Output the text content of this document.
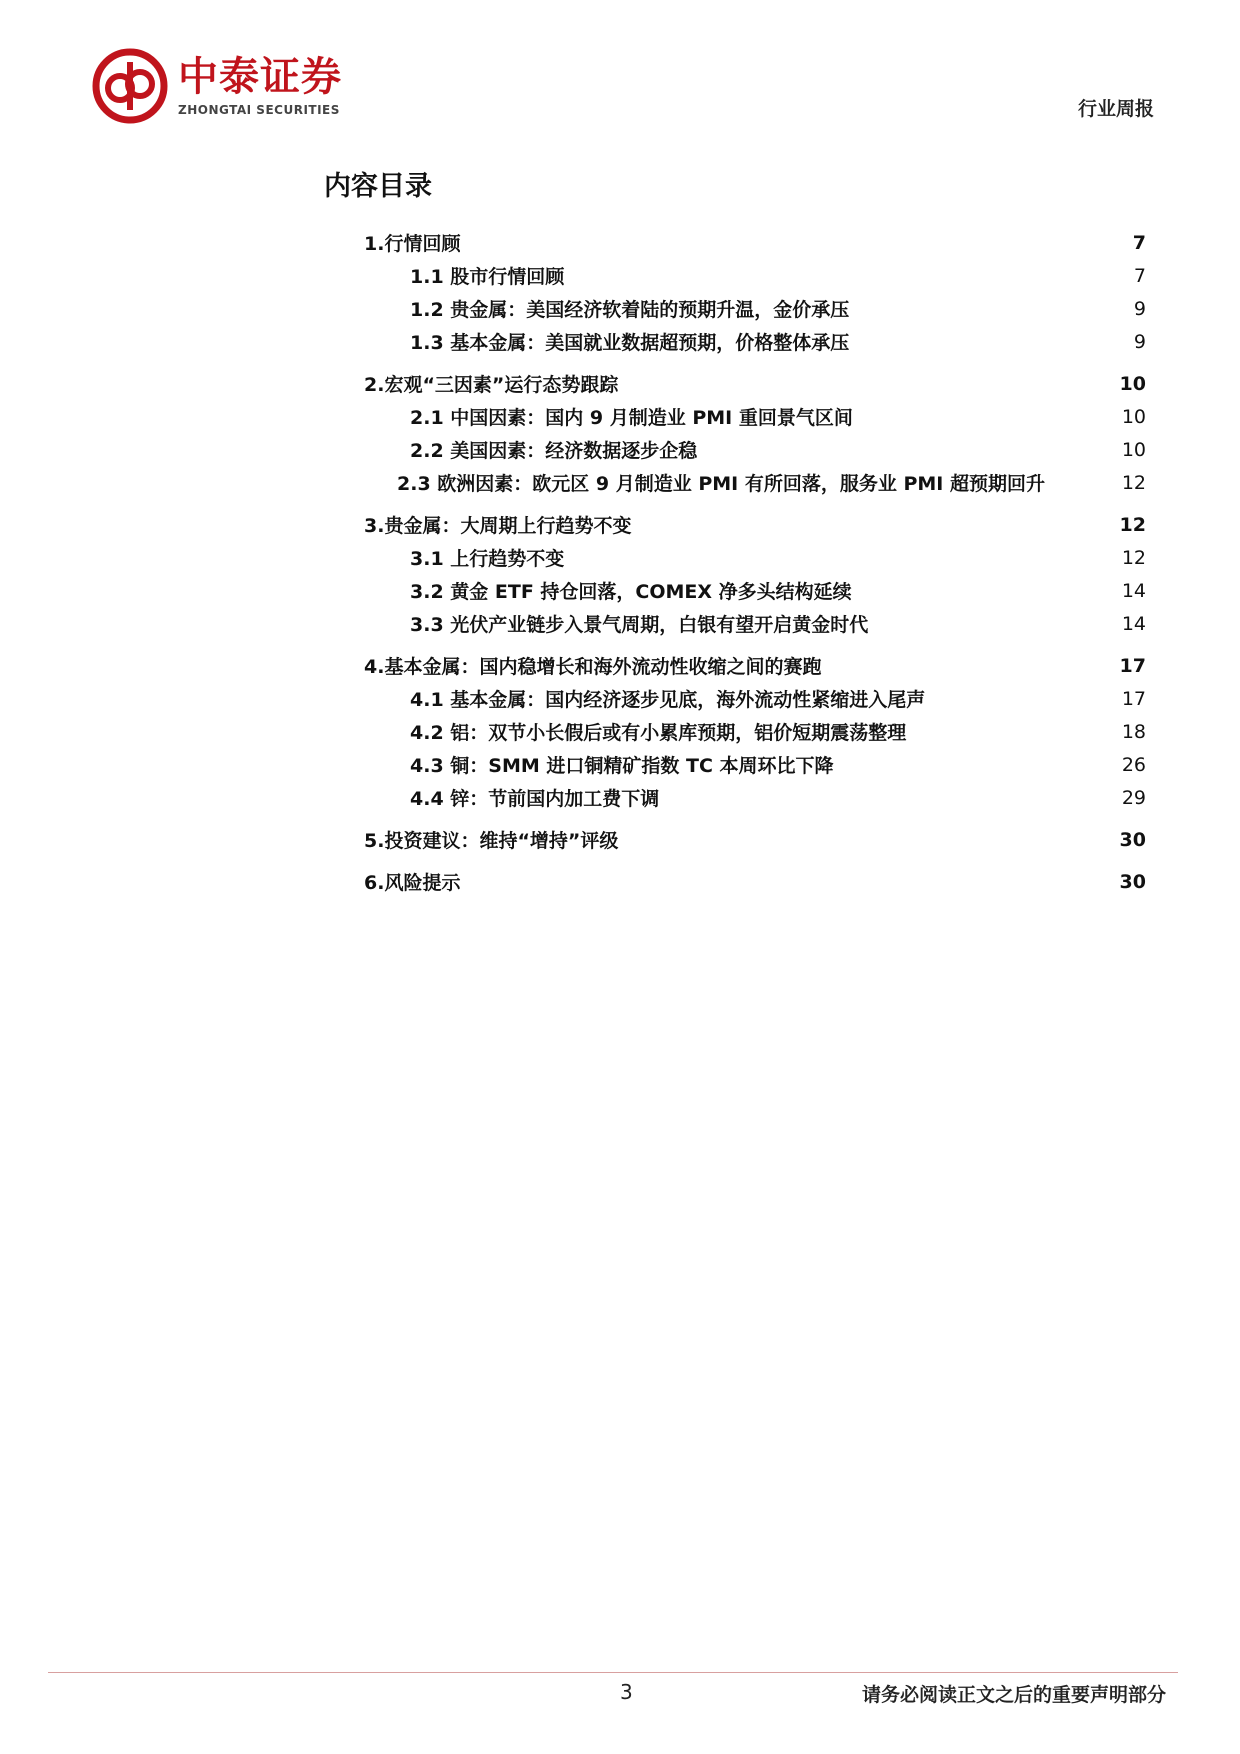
中泰证券
ZHONGTAI SECURITIES	行业周报
内容目录
1.行情回顾	7
1.1 股市行情回顾	7
1.2 贵金属：美国经济软着陆的预期升温，金价承压	9
1.3 基本金属：美国就业数据超预期，价格整体承压	9
2.宏观“三因素”运行态势跟踪	10
2.1 中国因素：国内 9 月制造业 PMI 重回景气区间	10
2.2 美国因素：经济数据逐步企稳	10
2.3 欧洲因素：欧元区 9 月制造业 PMI 有所回落，服务业 PMI 超预期回升	12
3.贵金属：大周期上行趋势不变	12
3.1 上行趋势不变	12
3.2 黄金 ETF 持仓回落，COMEX 净多头结构延续	14
3.3 光伏产业链步入景气周期，白银有望开启黄金时代	14
4.基本金属：国内稳增长和海外流动性收缩之间的赛跑	17
4.1 基本金属：国内经济逐步见底，海外流动性紧缩进入尾声	17
4.2 铝：双节小长假后或有小累库预期，铝价短期震荡整理	18
4.3 铜：SMM 进口铜精矿指数 TC 本周环比下降	26
4.4 锌：节前国内加工费下调	29
5.投资建议：维持“增持”评级	30
6.风险提示	30
3	请务必阅读正文之后的重要声明部分
